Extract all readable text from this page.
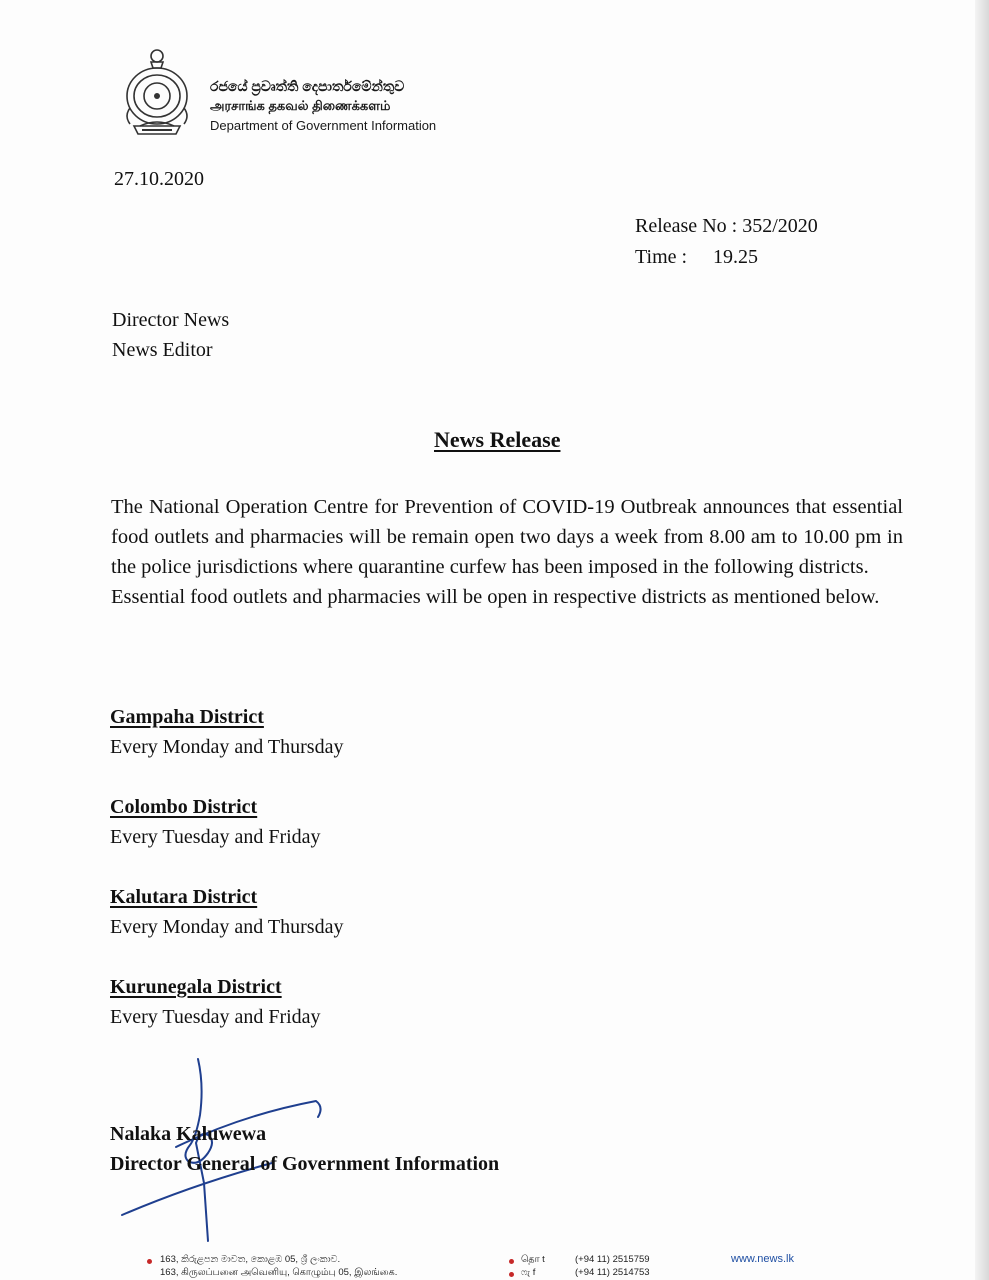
රජයේ ප්‍රවෘත්ති දෙපාර්තමේන්තුව
அரசாங்க தகவல் திணைக்களம்
Department of Government Information
27.10.2020
Release No : 352/2020
Time : 19.25
Director News
News Editor
News Release

The National Operation Centre for Prevention of COVID-19 Outbreak announces that essential food outlets and pharmacies will be remain open two days a week from 8.00 am to 10.00 pm in the police jurisdictions where quarantine curfew has been imposed in the following districts.

Essential food outlets and pharmacies will be open in respective districts as mentioned below.

Gampaha District
Every Monday and Thursday
Colombo District
Every Tuesday and Friday
Kalutara District
Every Monday and Thursday
Kurunegala District
Every Tuesday and Friday
Nalaka Kaluwewa
Director General of Government Information
163, කිරුළපන මාවත, කොළඹ 05, ශ්‍රී ලංකාව.
163, கிருலப்பனை அவெனியு, கொழும்பு 05, இலங்கை.
தொ t	(+94 11) 2515759
ෆැ f	(+94 11) 2514753
www.news.lk
